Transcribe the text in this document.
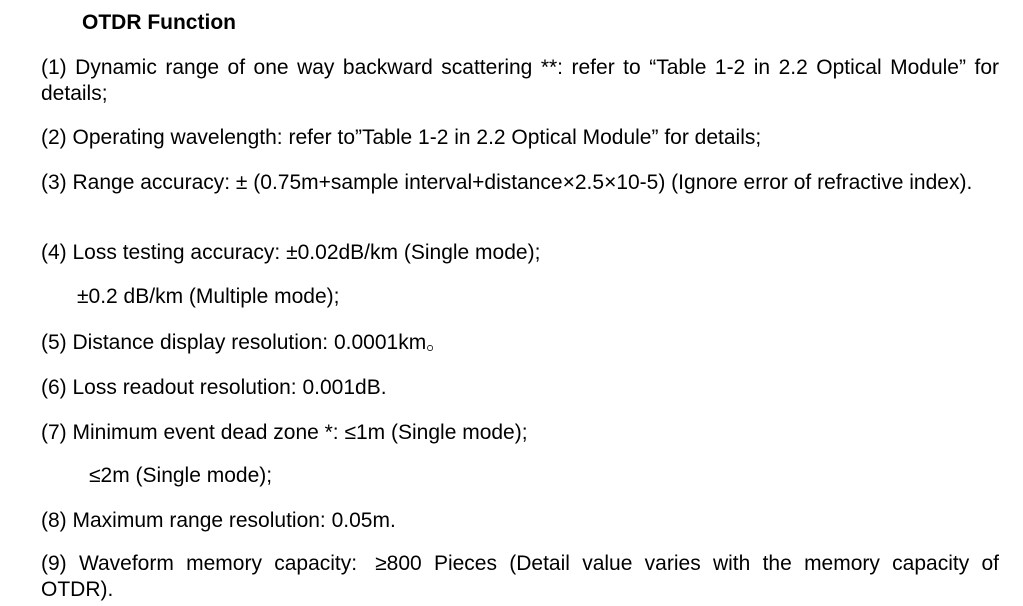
OTDR Function
(1) Dynamic range of one way backward scattering **: refer to “Table 1-2 in 2.2 Optical Module” for details;
(2) Operating wavelength: refer to”Table 1-2 in 2.2 Optical Module” for details;
(3) Range accuracy: ± (0.75m+sample interval+distance×2.5×10-5) (Ignore error of refractive index).
(4) Loss testing accuracy: ±0.02dB/km (Single mode);
±0.2 dB/km (Multiple mode);
(5) Distance display resolution: 0.0001km。
(6) Loss readout resolution: 0.001dB.
(7) Minimum event dead zone *: ≤1m (Single mode);
≤2m (Single mode);
(8) Maximum range resolution: 0.05m.
(9) Waveform memory capacity: ≥800 Pieces (Detail value varies with the memory capacity of OTDR).
